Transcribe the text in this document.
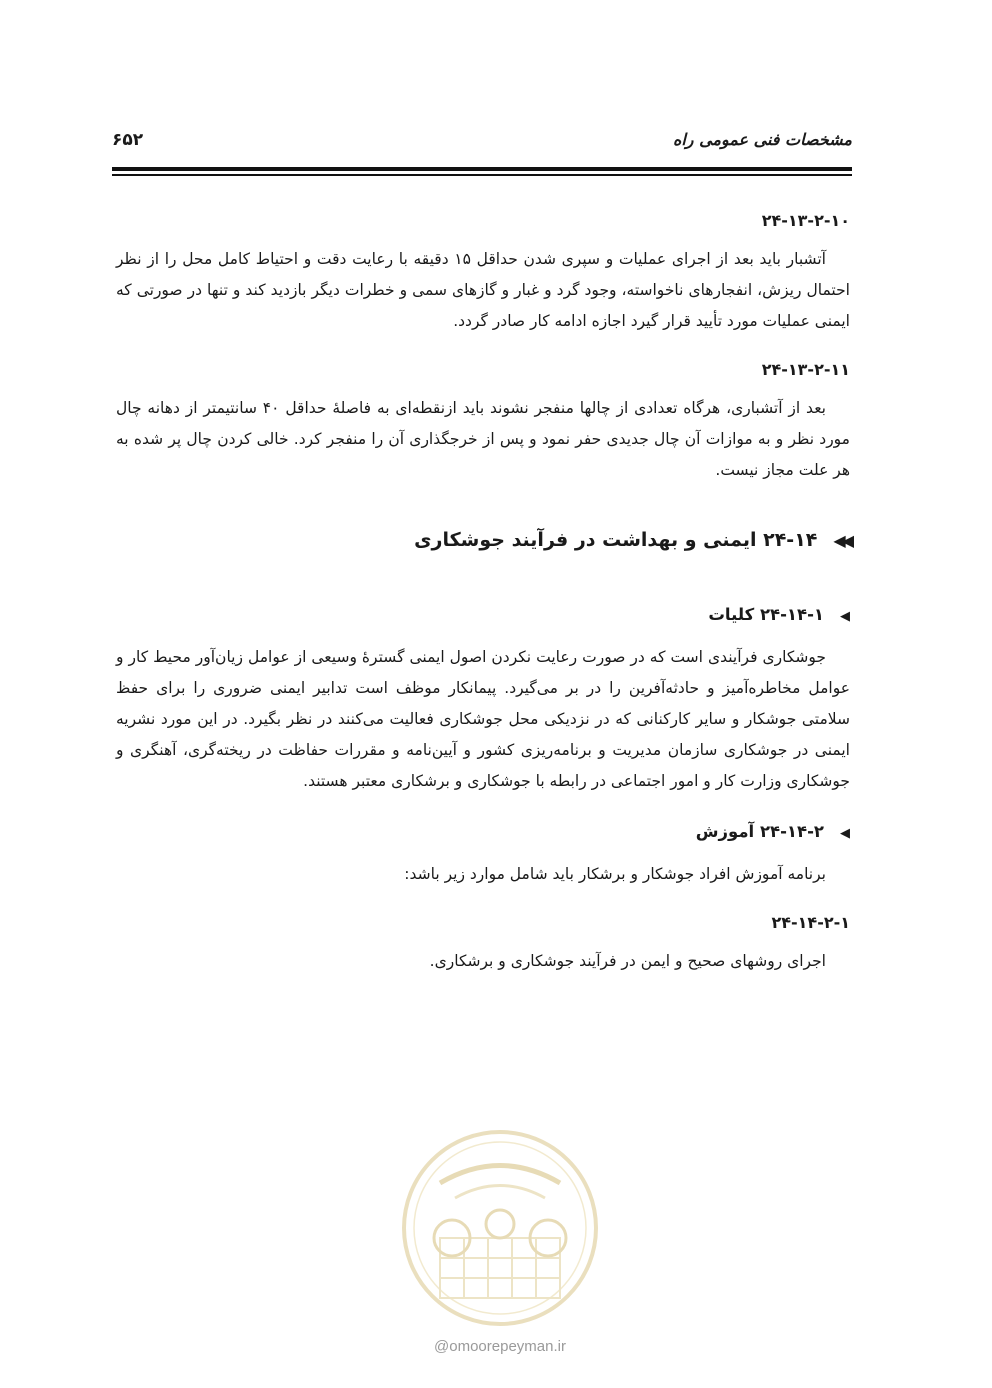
مشخصات فنی عمومی راه
۶۵۲
۲۴-۱۳-۲-۱۰

آتشبار باید بعد از اجرای عملیات و سپری شدن حداقل ۱۵ دقیقه با رعایت دقت و احتیاط کامل محل را از نظر احتمال ریزش، انفجارهای ناخواسته، وجود گرد و غبار و گازهای سمی و خطرات دیگر بازدید کند و تنها در صورتی که ایمنی عملیات مورد تأیید قرار گیرد اجازه ادامه کار صادر گردد.

۲۴-۱۳-۲-۱۱

بعد از آتشباری، هرگاه تعدادی از چالها منفجر نشوند باید ازنقطه‌ای به فاصلهٔ حداقل ۴۰ سانتیمتر از دهانه چال مورد نظر و به موازات آن چال جدیدی حفر نمود و پس از خرجگذاری آن را منفجر کرد. خالی کردن چال پر شده به هر علت مجاز نیست.

◀◀۲۴-۱۴ ایمنی و بهداشت در فرآیند جوشکاری
◀۲۴-۱۴-۱ کلیات

جوشکاری فرآیندی است که در صورت رعایت نکردن اصول ایمنی گسترهٔ وسیعی از عوامل زیان‌آور محیط کار و عوامل مخاطره‌آمیز و حادثه‌آفرین را در بر می‌گیرد. پیمانکار موظف است تدابیر ایمنی ضروری را برای حفظ سلامتی جوشکار و سایر کارکنانی که در نزدیکی محل جوشکاری فعالیت می‌کنند در نظر بگیرد. در این مورد نشریه ایمنی در جوشکاری سازمان مدیریت و برنامه‌ریزی کشور و آیین‌نامه و مقررات حفاظت در ریخته‌گری، آهنگری و جوشکاری وزارت کار و امور اجتماعی در رابطه با جوشکاری و برشکاری معتبر هستند.

◀۲۴-۱۴-۲ آموزش

برنامه آموزش افراد جوشکار و برشکار باید شامل موارد زیر باشد:

۲۴-۱۴-۲-۱

اجرای روشهای صحیح و ایمن در فرآیند جوشکاری و برشکاری.

@omoorepeyman.ir
